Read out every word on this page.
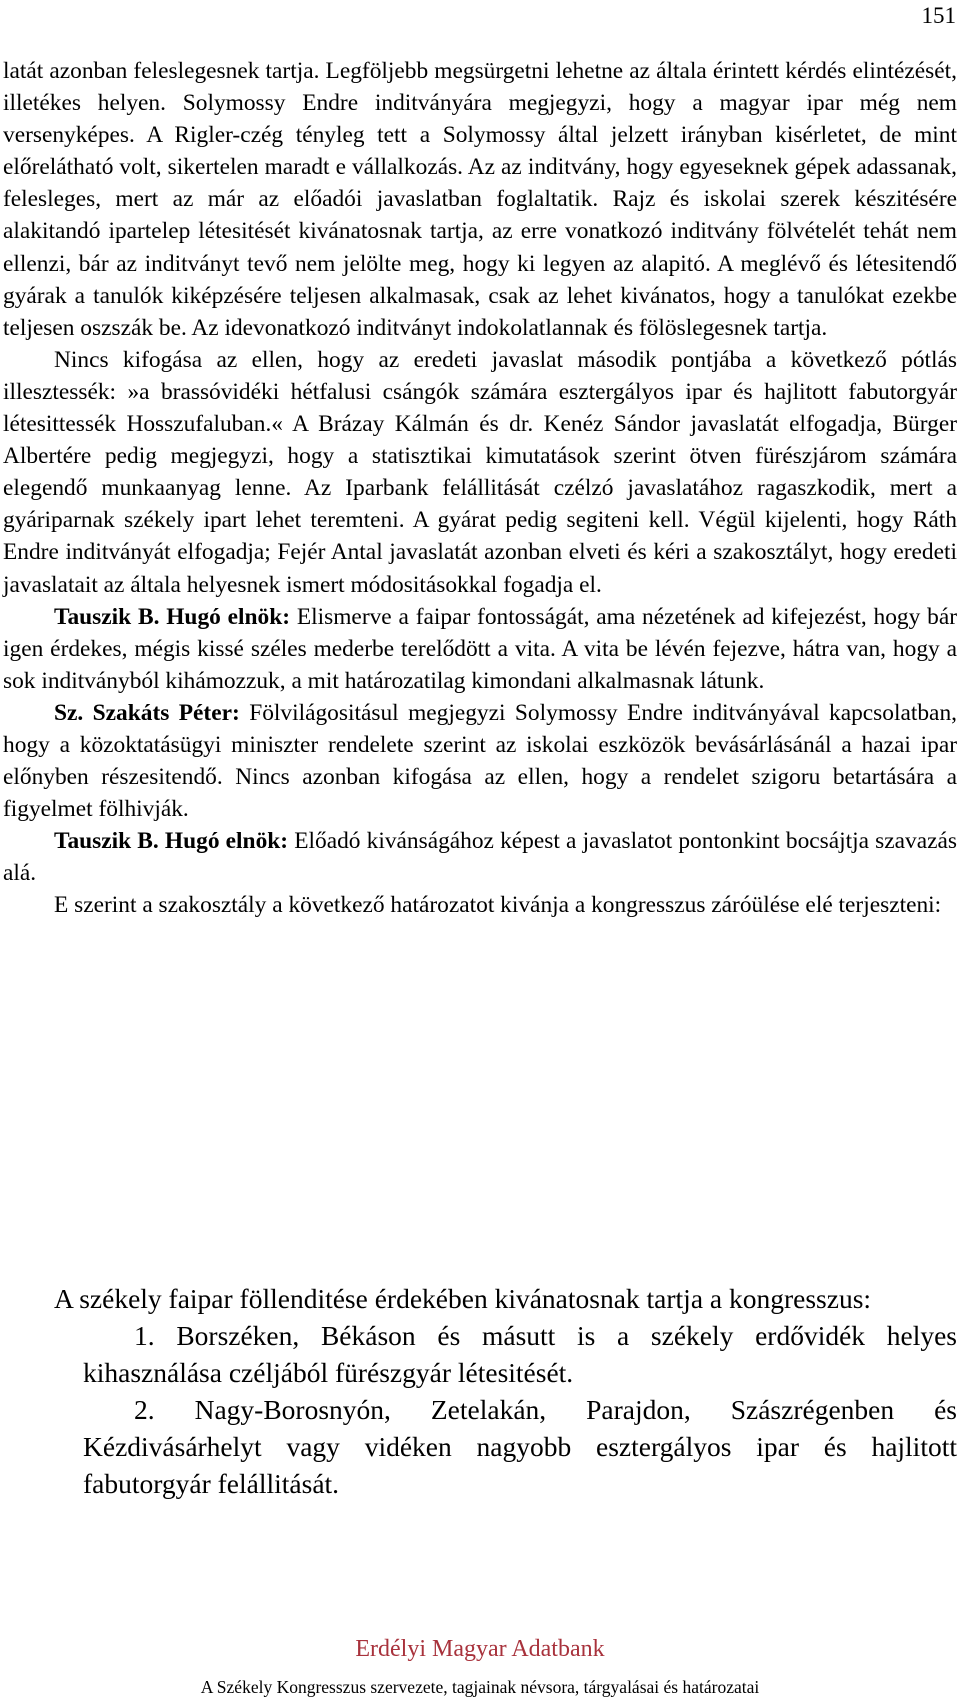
151

latát azonban feleslegesnek tartja. Legföljebb megsürgetni lehetne az általa érintett kérdés elintézését, illetékes helyen. Solymossy Endre inditványára megjegyzi, hogy a magyar ipar még nem versenyképes. A Rigler-czég tényleg tett a Solymossy által jelzett irányban kisérletet, de mint előrelátható volt, sikertelen maradt e vállalkozás. Az az inditvány, hogy egyeseknek gépek adassanak, felesleges, mert az már az előadói javaslatban foglaltatik. Rajz és iskolai szerek készitésére alakitandó ipartelep létesitését kivánatosnak tartja, az erre vonatkozó inditvány fölvételét tehát nem ellenzi, bár az inditványt tevő nem jelölte meg, hogy ki legyen az alapitó. A meglévő és létesitendő gyárak a tanulók kiképzésére teljesen alkalmasak, csak az lehet kivánatos, hogy a tanulókat ezekbe teljesen oszszák be. Az idevonatkozó inditványt indokolatlannak és fölöslegesnek tartja.

Nincs kifogása az ellen, hogy az eredeti javaslat második pontjába a következő pótlás illesztessék: »a brassóvidéki hétfalusi csángók számára esztergályos ipar és hajlitott fabutorgyár létesittessék Hosszufaluban.« A Brázay Kálmán és dr. Kenéz Sándor javaslatát elfogadja, Bürger Albertére pedig megjegyzi, hogy a statisztikai kimutatások szerint ötven fürészjárom számára elegendő munkaanyag lenne. Az Iparbank felállitását czélzó javaslatához ragaszkodik, mert a gyáriparnak székely ipart lehet teremteni. A gyárat pedig segiteni kell. Végül kijelenti, hogy Ráth Endre inditványát elfogadja; Fejér Antal javaslatát azonban elveti és kéri a szakosztályt, hogy eredeti javaslatait az általa helyesnek ismert módositásokkal fogadja el.

Tauszik B. Hugó elnök: Elismerve a faipar fontosságát, ama nézetének ad kifejezést, hogy bár igen érdekes, mégis kissé széles mederbe terelődött a vita. A vita be lévén fejezve, hátra van, hogy a sok inditványból kihámozzuk, a mit határozatilag kimondani alkalmasnak látunk.

Sz. Szakáts Péter: Fölvilágositásul megjegyzi Solymossy Endre inditványával kapcsolatban, hogy a közoktatásügyi miniszter rendelete szerint az iskolai eszközök bevásárlásánál a hazai ipar előnyben részesitendő. Nincs azonban kifogása az ellen, hogy a rendelet szigoru betartására a figyelmet fölhivják.

Tauszik B. Hugó elnök: Előadó kivánságához képest a javaslatot pontonkint bocsájtja szavazás alá.

E szerint a szakosztály a következő határozatot kivánja a kongresszus záróülése elé terjeszteni:

A székely faipar föllenditése érdekében kivánatosnak tartja a kongresszus:

1. Borszéken, Békáson és másutt is a székely erdővidék helyes kihasználása czéljából fürészgyár létesitését.

2. Nagy-Borosnyón, Zetelakán, Parajdon, Szászrégenben és Kézdivásárhelyt vagy vidéken nagyobb esztergályos ipar és hajlitott fabutorgyár felállitását.

Erdélyi Magyar Adatbank
A Székely Kongresszus szervezete, tagjainak névsora, tárgyalásai és határozatai
